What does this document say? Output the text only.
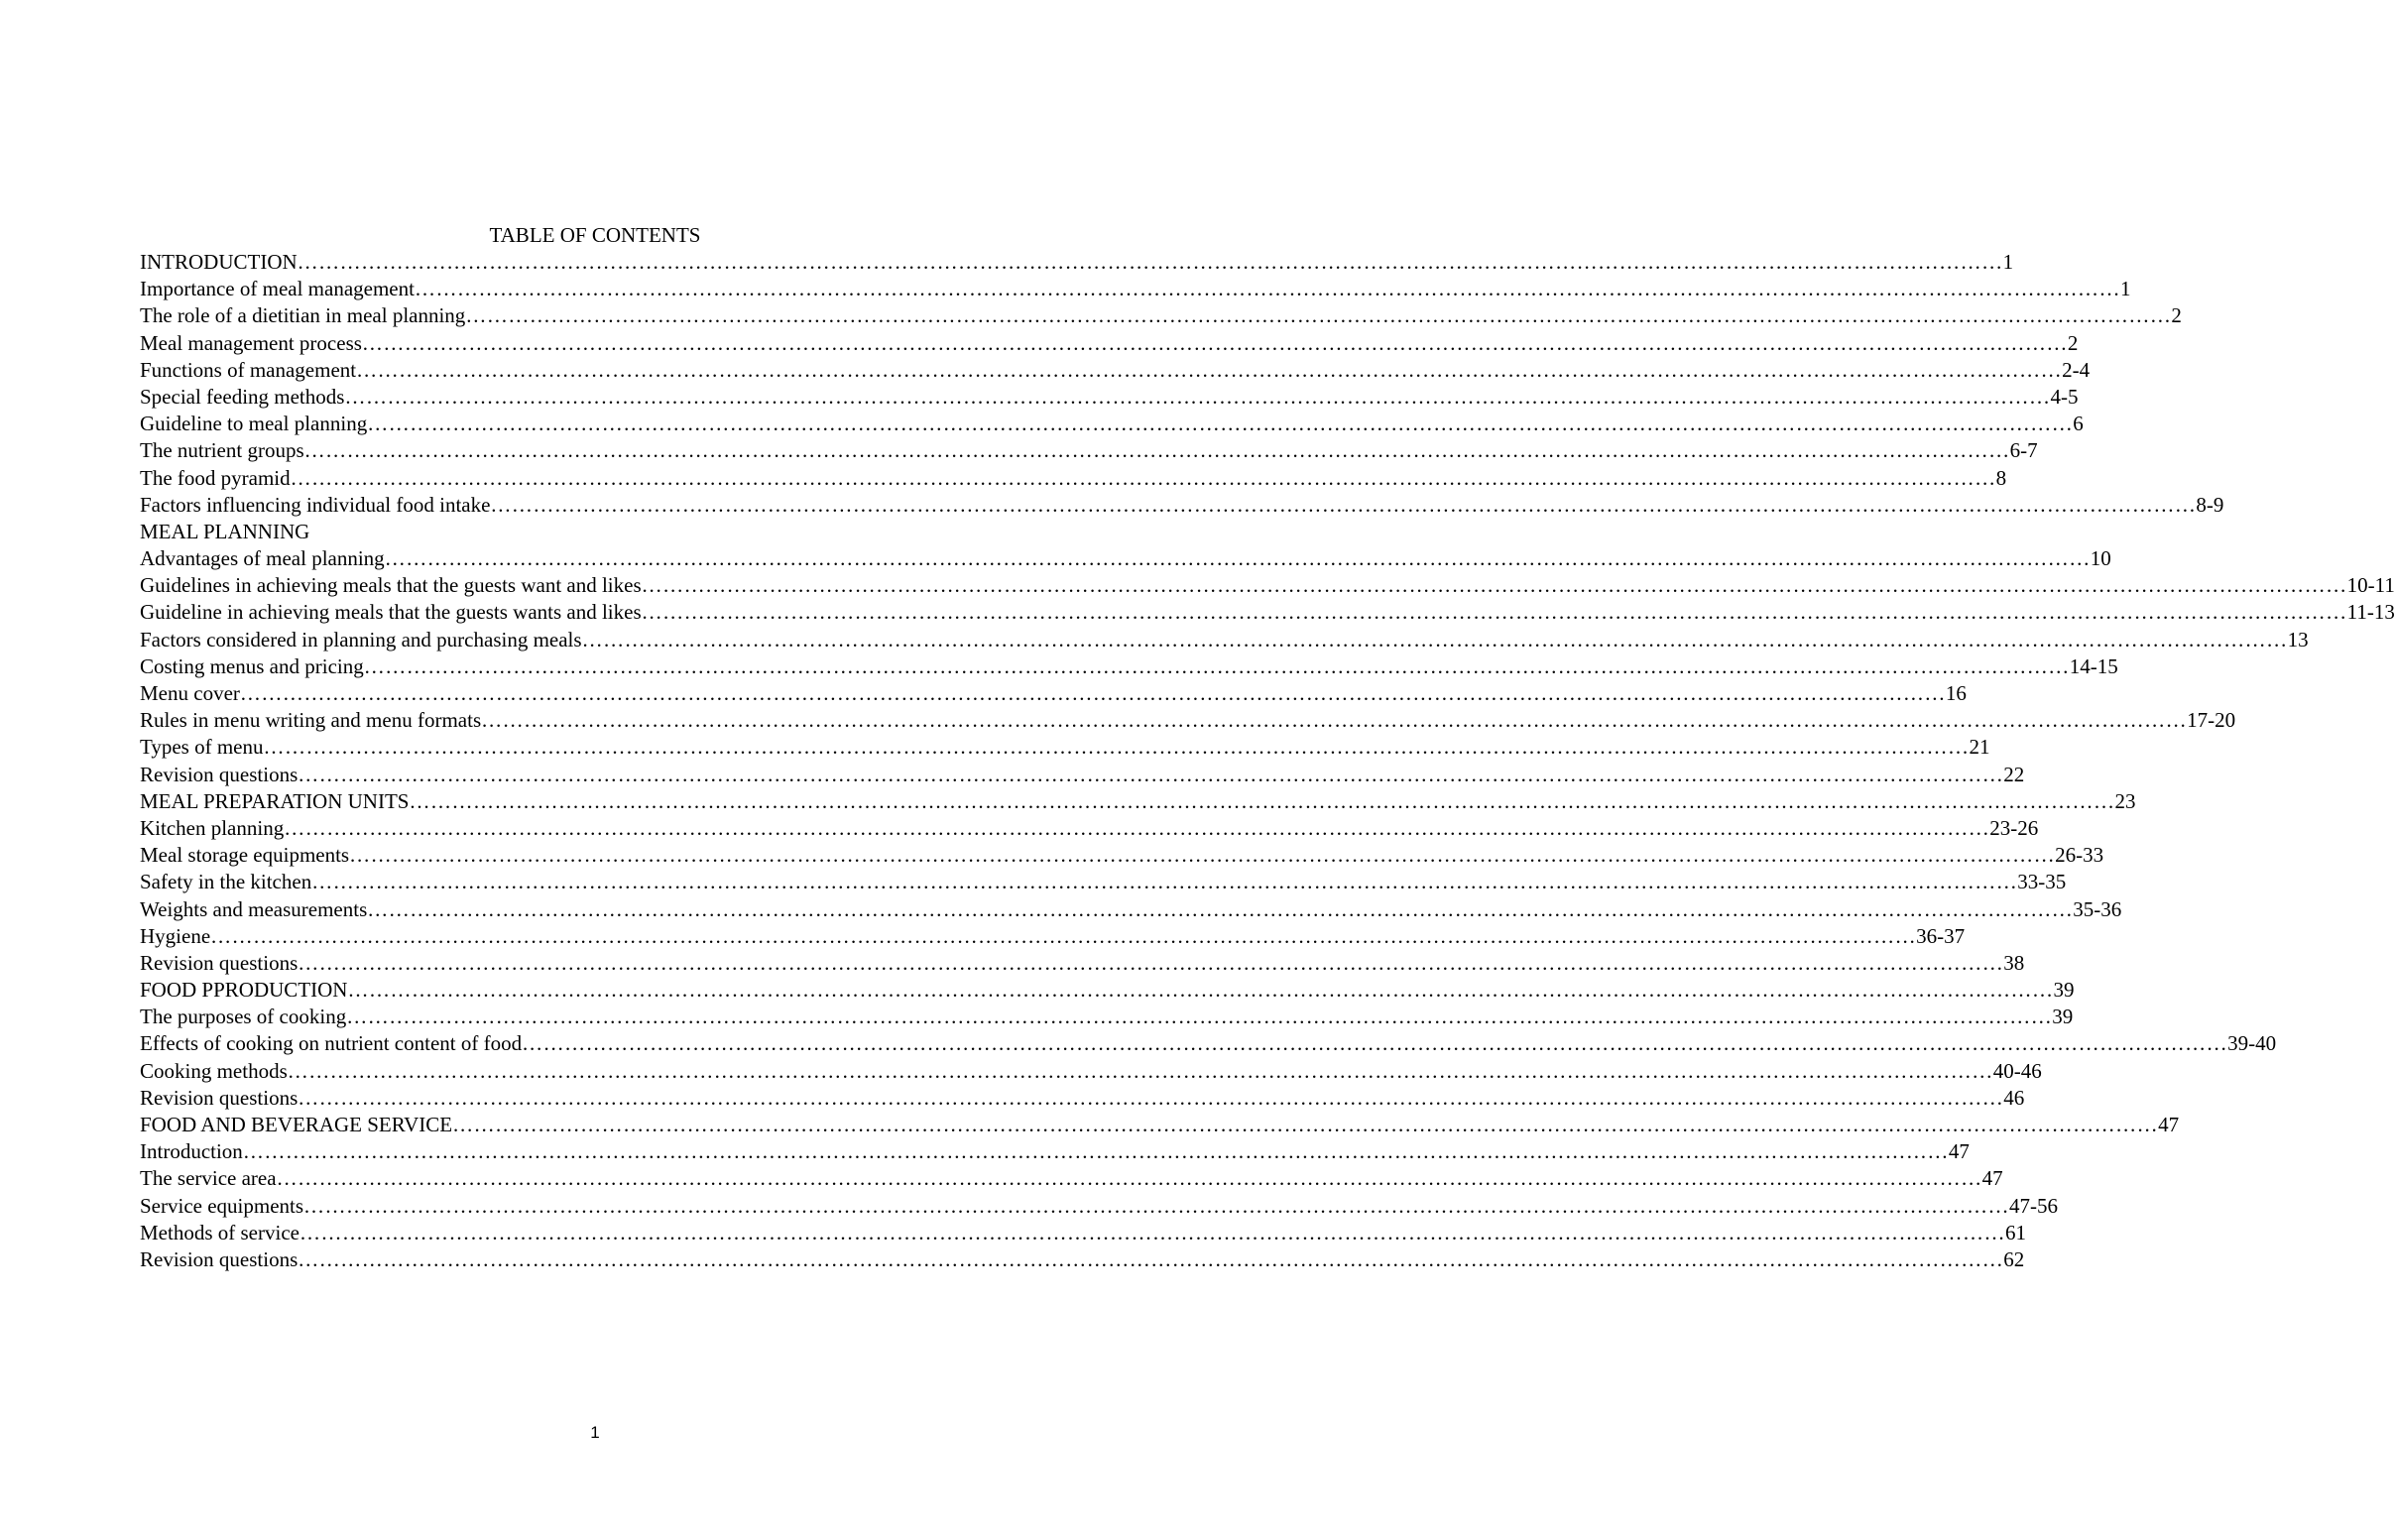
TABLE OF CONTENTS
INTRODUCTION …………………………………………………………………………………………………………………………………………………………………………………………………………………… 1
Importance of meal management …………………………………………………………………………………………………………………………………………………………………………………………………………………… 1
The role of a dietitian in meal planning …………………………………………………………………………………………………………………………………………………………………………………………………………………… 2
Meal management process …………………………………………………………………………………………………………………………………………………………………………………………………………………… 2
Functions of management …………………………………………………………………………………………………………………………………………………………………………………………………………………… 2-4
Special feeding methods …………………………………………………………………………………………………………………………………………………………………………………………………………………… 4-5
Guideline to meal planning …………………………………………………………………………………………………………………………………………………………………………………………………………………… 6
The nutrient groups …………………………………………………………………………………………………………………………………………………………………………………………………………………… 6-7
The food pyramid …………………………………………………………………………………………………………………………………………………………………………………………………………………… 8
Factors influencing individual food intake …………………………………………………………………………………………………………………………………………………………………………………………………………………… 8-9
MEAL PLANNING
Advantages of meal planning …………………………………………………………………………………………………………………………………………………………………………………………………………………… 10
Guidelines in achieving meals that the guests want and likes …………………………………………………………………………………………………………………………………………………………………………………………………………………… 10-11
Guideline in achieving meals that the guests wants and likes …………………………………………………………………………………………………………………………………………………………………………………………………………………… 11-13
Factors considered in planning and purchasing meals …………………………………………………………………………………………………………………………………………………………………………………………………………………… 13
Costing menus and pricing …………………………………………………………………………………………………………………………………………………………………………………………………………………… 14-15
Menu cover …………………………………………………………………………………………………………………………………………………………………………………………………………………… 16
Rules in menu writing and menu formats …………………………………………………………………………………………………………………………………………………………………………………………………………………… 17-20
Types of menu …………………………………………………………………………………………………………………………………………………………………………………………………………………… 21
Revision questions …………………………………………………………………………………………………………………………………………………………………………………………………………………… 22
MEAL PREPARATION UNITS …………………………………………………………………………………………………………………………………………………………………………………………………………………… 23
Kitchen planning …………………………………………………………………………………………………………………………………………………………………………………………………………………… 23-26
Meal storage equipments …………………………………………………………………………………………………………………………………………………………………………………………………………………… 26-33
Safety in the kitchen …………………………………………………………………………………………………………………………………………………………………………………………………………………… 33-35
Weights and measurements …………………………………………………………………………………………………………………………………………………………………………………………………………………… 35-36
Hygiene …………………………………………………………………………………………………………………………………………………………………………………………………………………… 36-37
Revision questions …………………………………………………………………………………………………………………………………………………………………………………………………………………… 38
FOOD PPRODUCTION …………………………………………………………………………………………………………………………………………………………………………………………………………………… 39
The purposes of cooking …………………………………………………………………………………………………………………………………………………………………………………………………………………… 39
Effects of cooking on nutrient content of food …………………………………………………………………………………………………………………………………………………………………………………………………………………… 39-40
Cooking methods …………………………………………………………………………………………………………………………………………………………………………………………………………………… 40-46
Revision questions …………………………………………………………………………………………………………………………………………………………………………………………………………………… 46
FOOD AND BEVERAGE SERVICE …………………………………………………………………………………………………………………………………………………………………………………………………………………… 47
Introduction …………………………………………………………………………………………………………………………………………………………………………………………………………………… 47
The service area …………………………………………………………………………………………………………………………………………………………………………………………………………………… 47
Service equipments …………………………………………………………………………………………………………………………………………………………………………………………………………………… 47-56
Methods of service …………………………………………………………………………………………………………………………………………………………………………………………………………………… 61
Revision questions …………………………………………………………………………………………………………………………………………………………………………………………………………………… 62
1
